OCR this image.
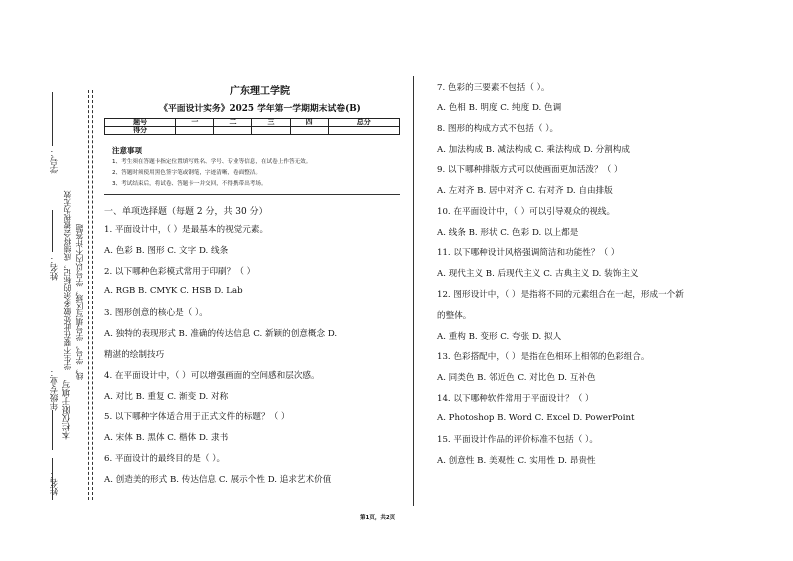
学号：
学生不要在此处做多余的标记，成绩将会被视为无效 线，学号，学号填写区域，学号以内不许答题
姓名：
年级专业： 本栏仅限于填写
姓名：
广东理工学院
《平面设计实务》2025 学年第一学期期末试卷(B)
题号	一	二	三	四	总分
得分					
注意事项
1、考生须在答题卡指定位置填写姓名、学号、专业等信息，在试卷上作答无效。
2、答题时须使用黑色签字笔或钢笔，字迹清晰，卷面整洁。
3、考试结束后，将试卷、答题卡一并交回，不得携带出考场。
一、单项选择题（每题 2 分，共 30 分）
1. 平面设计中，（ ）是最基本的视觉元素。
A. 色彩 B. 图形 C. 文字 D. 线条
2. 以下哪种色彩模式常用于印刷？（ ）
A. RGB B. CMYK C. HSB D. Lab
3. 图形创意的核心是（ ）。
A. 独特的表现形式 B. 准确的传达信息 C. 新颖的创意概念 D.
精湛的绘制技巧
4. 在平面设计中，（ ）可以增强画面的空间感和层次感。
A. 对比 B. 重复 C. 渐变 D. 对称
5. 以下哪种字体适合用于正式文件的标题？（ ）
A. 宋体 B. 黑体 C. 楷体 D. 隶书
6. 平面设计的最终目的是（ ）。
A. 创造美的形式 B. 传达信息 C. 展示个性 D. 追求艺术价值
7. 色彩的三要素不包括（ ）。
A. 色相 B. 明度 C. 纯度 D. 色调
8. 图形的构成方式不包括（ ）。
A. 加法构成 B. 减法构成 C. 乘法构成 D. 分割构成
9. 以下哪种排版方式可以使画面更加活泼？（ ）
A. 左对齐 B. 居中对齐 C. 右对齐 D. 自由排版
10. 在平面设计中，（ ）可以引导观众的视线。
A. 线条 B. 形状 C. 色彩 D. 以上都是
11. 以下哪种设计风格强调简洁和功能性？（ ）
A. 现代主义 B. 后现代主义 C. 古典主义 D. 装饰主义
12. 图形设计中，（ ）是指将不同的元素组合在一起，形成一个新
的整体。
A. 重构 B. 变形 C. 夸张 D. 拟人
13. 色彩搭配中，（ ）是指在色相环上相邻的色彩组合。
A. 同类色 B. 邻近色 C. 对比色 D. 互补色
14. 以下哪种软件常用于平面设计？（ ）
A. Photoshop B. Word C. Excel D. PowerPoint
15. 平面设计作品的评价标准不包括（ ）。
A. 创意性 B. 美观性 C. 实用性 D. 昂贵性
第1页，共2页
